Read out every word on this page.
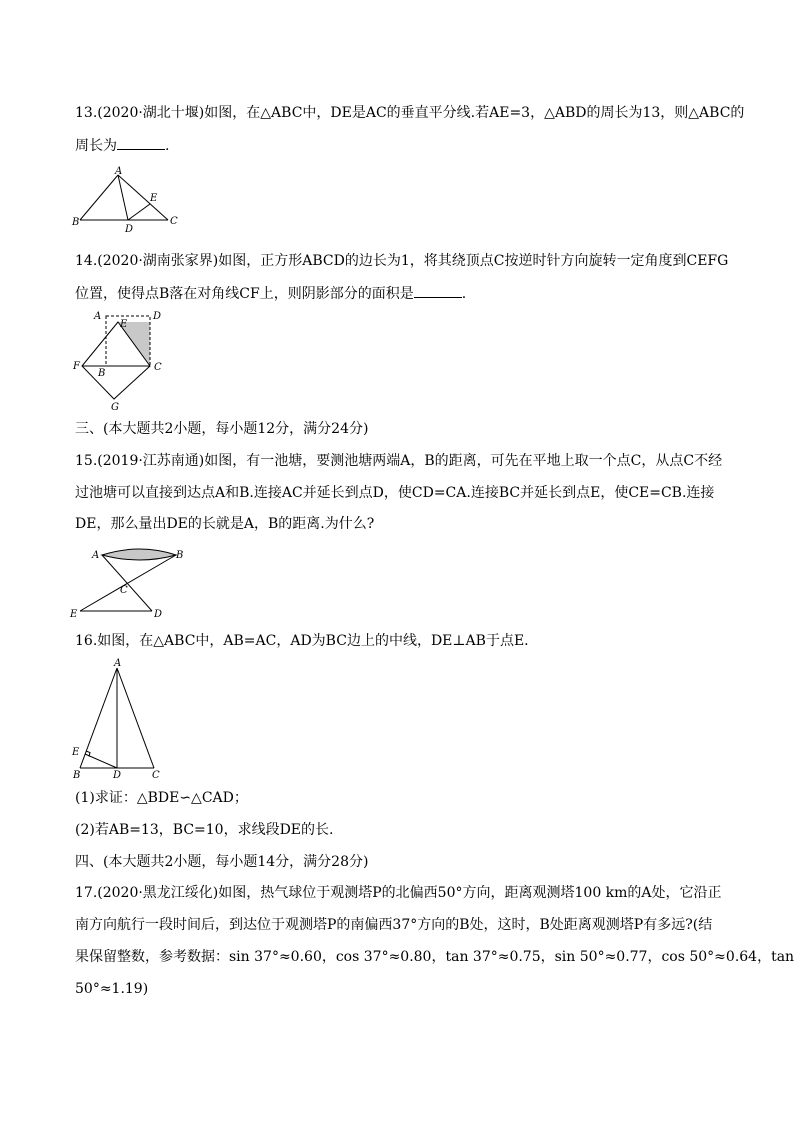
13.(2020·湖北十堰)如图，在△ABC中，DE是AC的垂直平分线.若AE=3，△ABD的周长为13，则△ABC的
周长为	.
A
B	C
D
E
14.(2020·湖南张家界)如图，正方形ABCD的边长为1，将其绕顶点C按逆时针方向旋转一定角度到CEFG
位置，使得点B落在对角线CF上，则阴影部分的面积是	.
A
E
D
F
B
C
G
三、(本大题共2小题，每小题12分，满分24分)
15.(2019·江苏南通)如图，有一池塘，要测池塘两端A，B的距离，可先在平地上取一个点C，从点C不经
过池塘可以直接到达点A和B.连接AC并延长到点D，使CD=CA.连接BC并延长到点E，使CE=CB.连接
DE，那么量出DE的长就是A，B的距离.为什么?
A	B
C
E	D
16.如图，在△ABC中，AB=AC，AD为BC边上的中线，DE⊥AB于点E.
A
E
B	D	C
(1)求证：△BDE∽△CAD；
(2)若AB=13，BC=10，求线段DE的长.
四、(本大题共2小题，每小题14分，满分28分)
17.(2020·黑龙江绥化)如图，热气球位于观测塔P的北偏西50°方向，距离观测塔100 km的A处，它沿正
南方向航行一段时间后，到达位于观测塔P的南偏西37°方向的B处，这时，B处距离观测塔P有多远?(结
果保留整数，参考数据：sin 37°≈0.60，cos 37°≈0.80，tan 37°≈0.75，sin 50°≈0.77，cos 50°≈0.64，tan
50°≈1.19)
